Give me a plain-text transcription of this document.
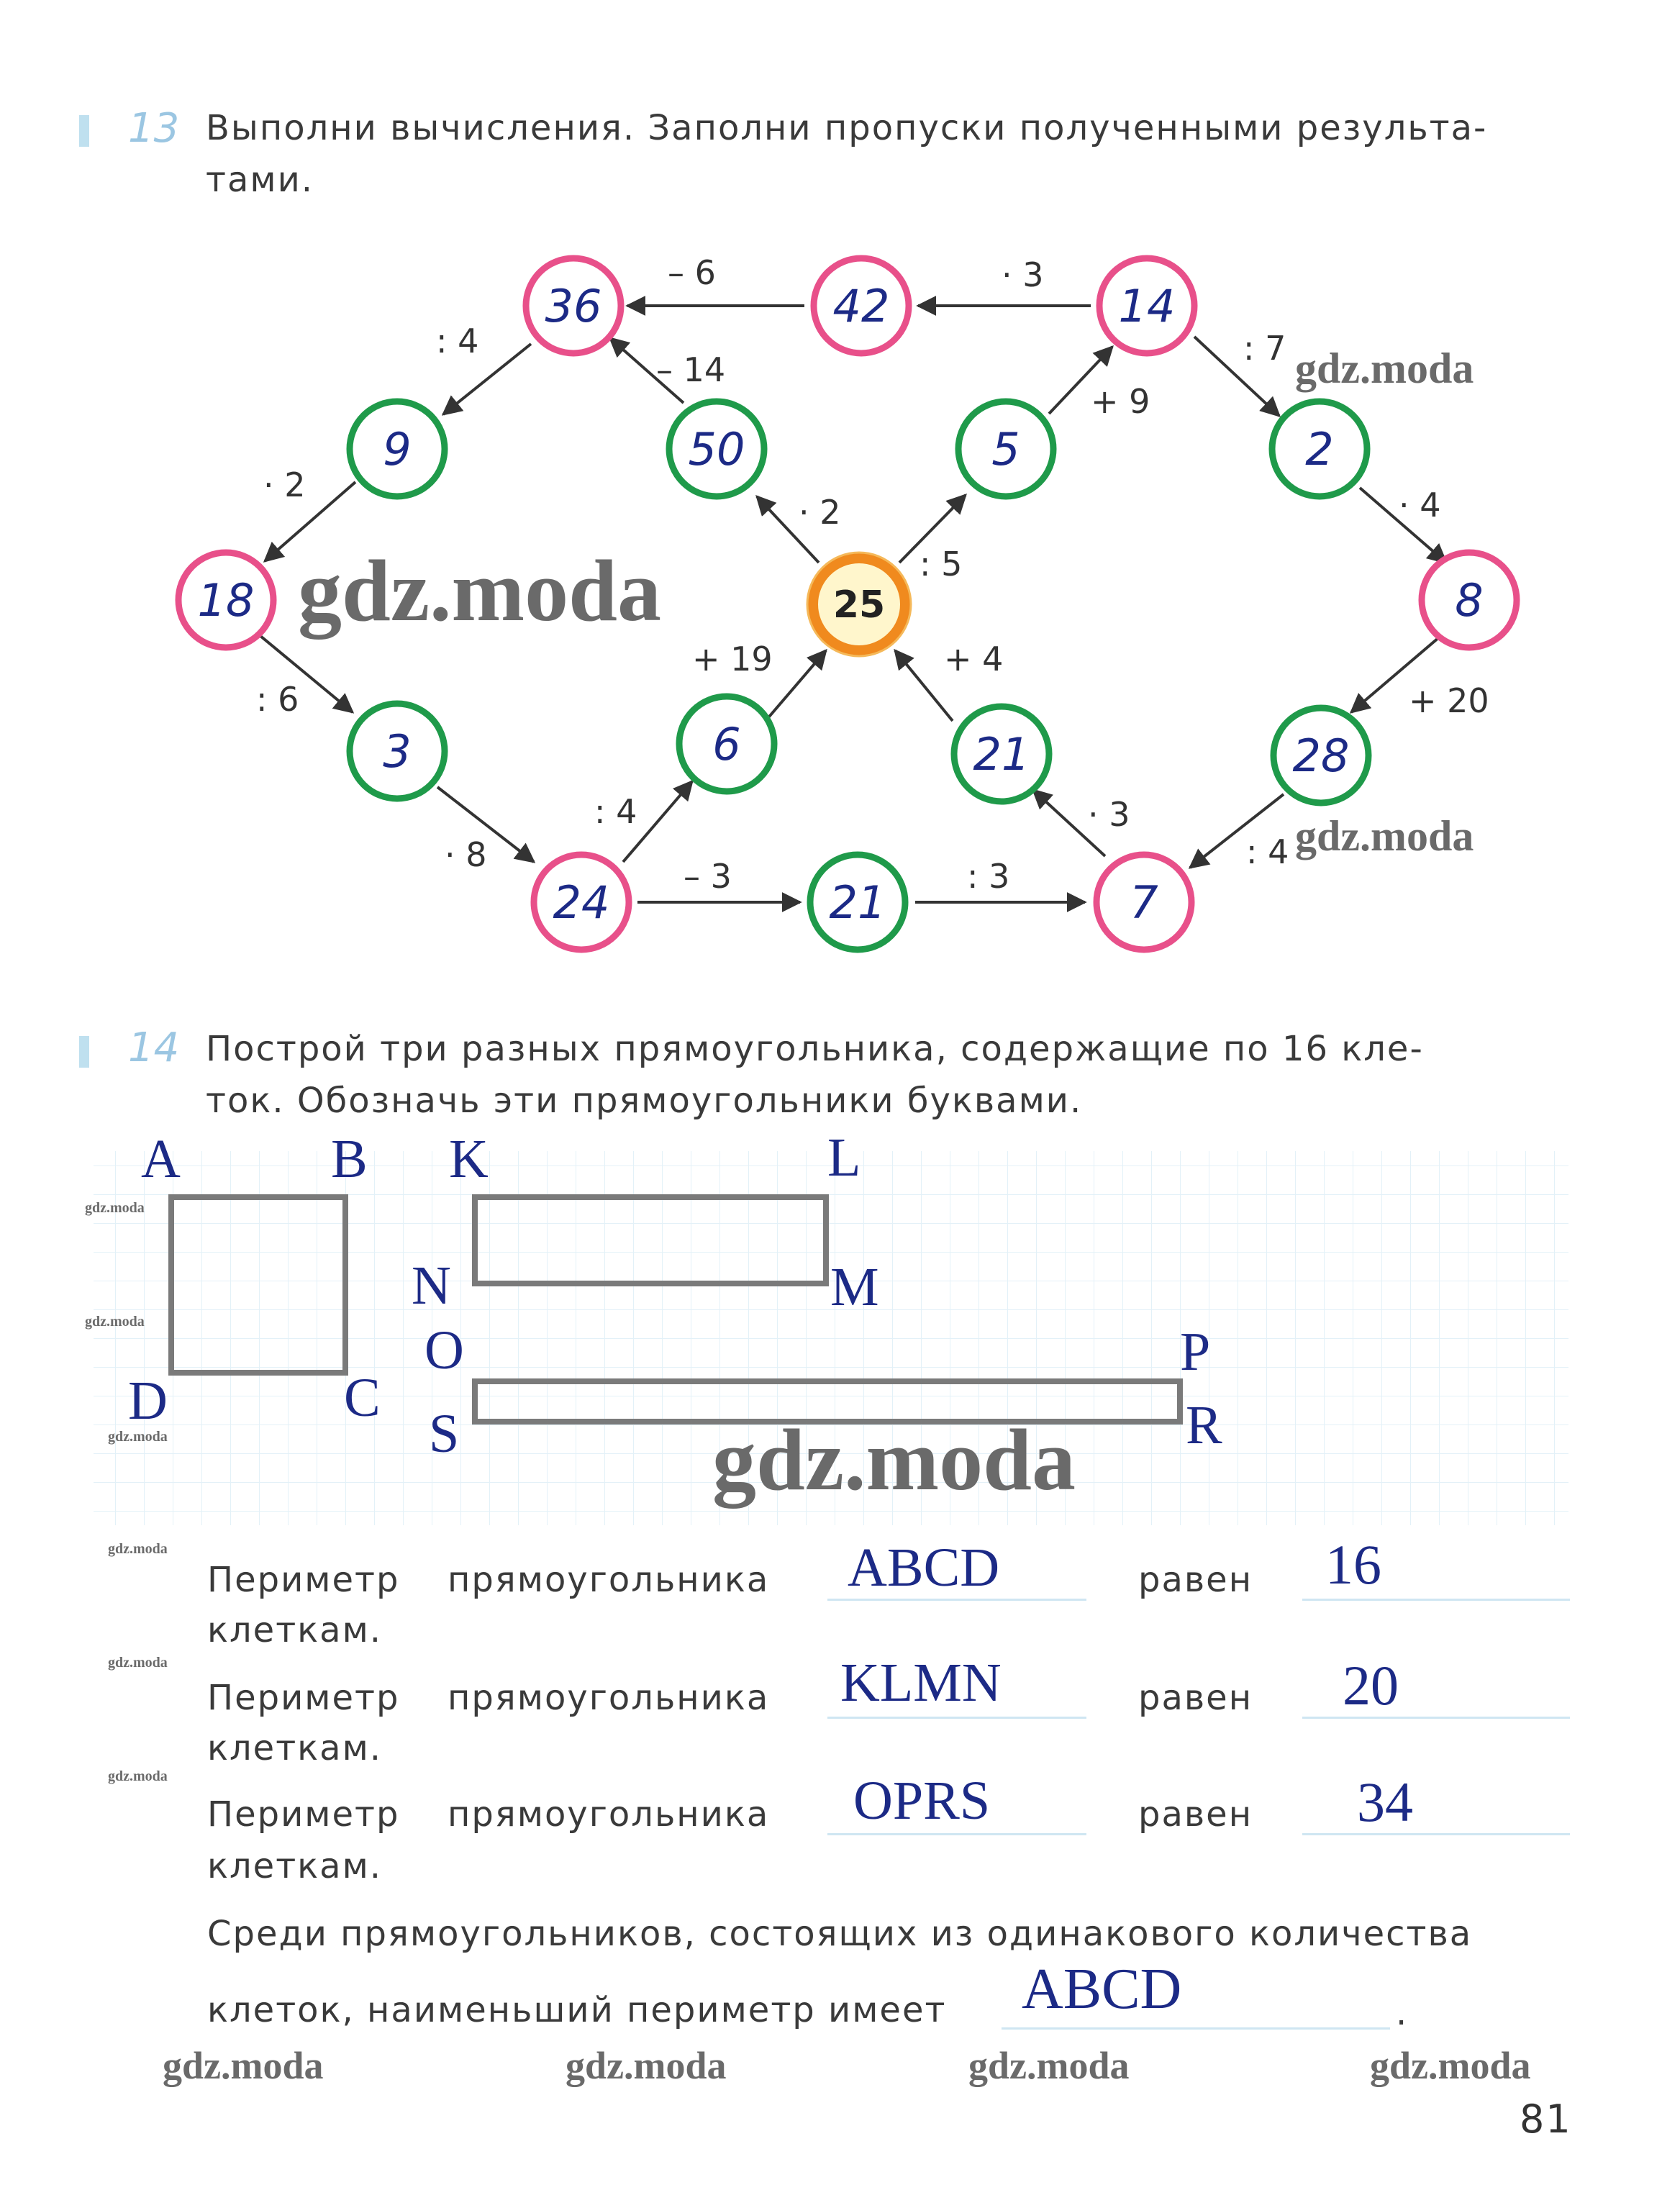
13 Выполни вычисления. Заполни пропуски полученными результа-
тами.
– 6	· 3
: 4
– 14
: 7
+ 9
· 2
· 2
: 5
· 4
: 6
+ 19	+ 4
+ 20
· 3
: 4
· 8
– 3	: 3
: 4
25
36	42	14
9	50	5	2
18	8
3	6	21	28
24	21	7
gdz.moda
gdz.moda
gdz.moda
14 Построй три разных прямоугольника, содержащие по 16 кле-
ток. Обозначь эти прямоугольники буквами.
A	B
C
D
K	L
M
N
O	P
R
S	gdz.moda
gdz.moda
gdz.moda
gdz.moda
gdz.moda
gdz.moda
gdz.moda
Периметр прямоугольника ABCD	равен 16
клеткам.
Периметр прямоугольника KLMN	равен 20
клеткам.
Периметр прямоугольника OPRS	равен 34
клеткам.
Среди прямоугольников, состоящих из одинакового количества
клеток, наименьший периметр имеет ABCD	.
gdz.moda	gdz.moda	gdz.moda	gdz.moda
81
